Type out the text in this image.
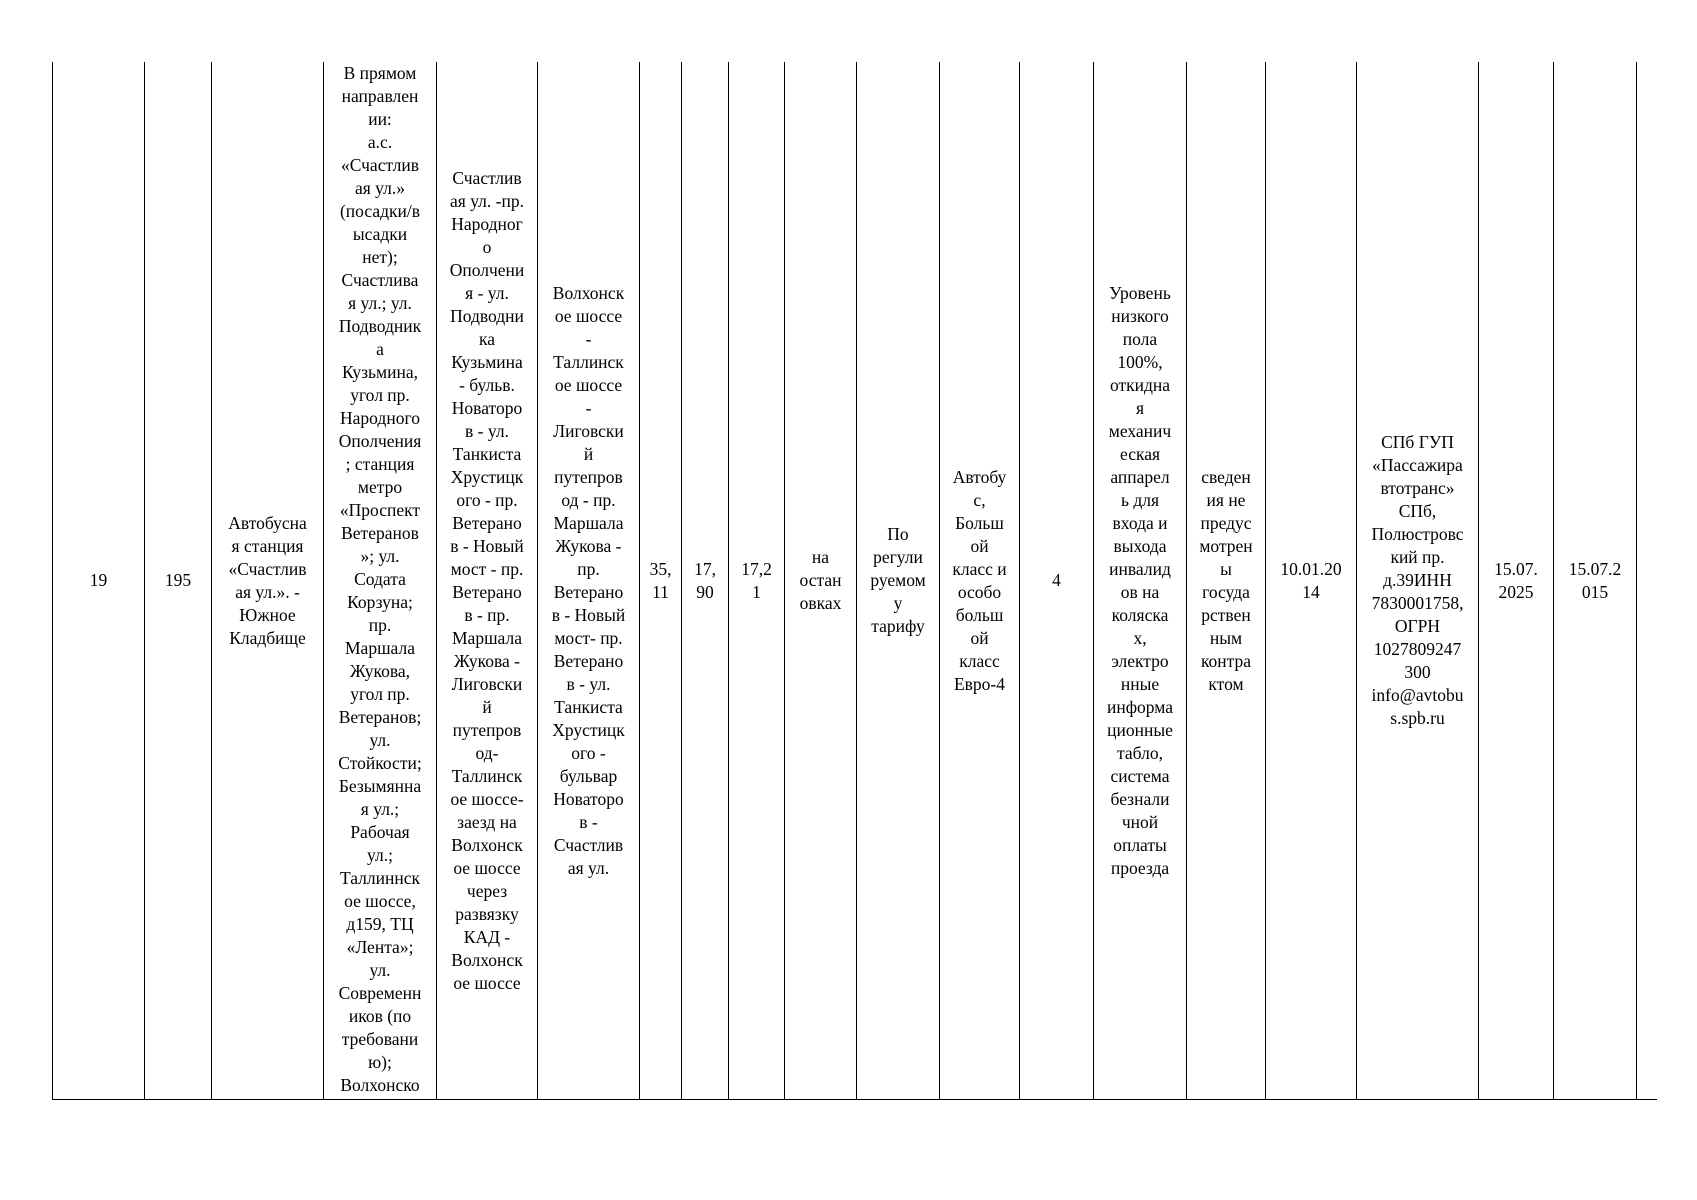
19	195	Автобусна
я станция
«Счастлив
ая ул.». -
Южное
Кладбище	В прямом
направлен
ии:
а.с.
«Счастлив
ая ул.»
(посадки/в
ысадки
нет);
Счастлива
я ул.; ул.
Подводник
а
Кузьмина,
угол пр.
Народного
Ополчения
; станция
метро
«Проспект
Ветеранов
»; ул.
Содата
Корзуна;
пр.
Маршала
Жукова,
угол пр.
Ветеранов;
ул.
Стойкости;
Безымянна
я ул.;
Рабочая
ул.;
Таллиннск
ое шоссе,
д159, ТЦ
«Лента»;
ул.
Современн
иков (по
требовани
ю);
Волхонско	Счастлив
ая ул. -пр.
Народног
о
Ополчени
я - ул.
Подводни
ка
Кузьмина
- бульв.
Новаторо
в - ул.
Танкиста
Хрустицк
ого - пр.
Ветерано
в - Новый
мост - пр.
Ветерано
в - пр.
Маршала
Жукова -
Лиговски
й
путепров
од-
Таллинск
ое шоссе-
заезд на
Волхонск
ое шоссе
через
развязку
КАД -
Волхонск
ое шоссе	Волхонск
ое шоссе
-
Таллинск
ое шоссе
-
Лиговски
й
путепров
од - пр.
Маршала
Жукова -
пр.
Ветерано
в - Новый
мост- пр.
Ветерано
в - ул.
Танкиста
Хрустицк
ого -
бульвар
Новаторо
в -
Счастлив
ая ул.	35,
11	17,
90	17,2
1	на
остан
овках	По
регули
руемом
у
тарифу	Автобу
с,
Больш
ой
класс и
особо
больш
ой
класс
Евро-4	4	Уровень
низкого
пола
100%,
откидна
я
механич
еская
аппарел
ь для
входа и
выхода
инвалид
ов на
коляска
х,
электро
нные
информа
ционные
табло,
система
безнали
чной
оплаты
проезда	сведен
ия не
предус
мотрен
ы
госуда
рствен
ным
контра
ктом	10.01.20
14	СПб ГУП
«Пассажира
втотранс»
СПб,
Полюстровс
кий пр.
д.39ИНН
7830001758,
ОГРН
1027809247
300
info@avtobu
s.spb.ru	15.07.
2025	15.07.2
015	
